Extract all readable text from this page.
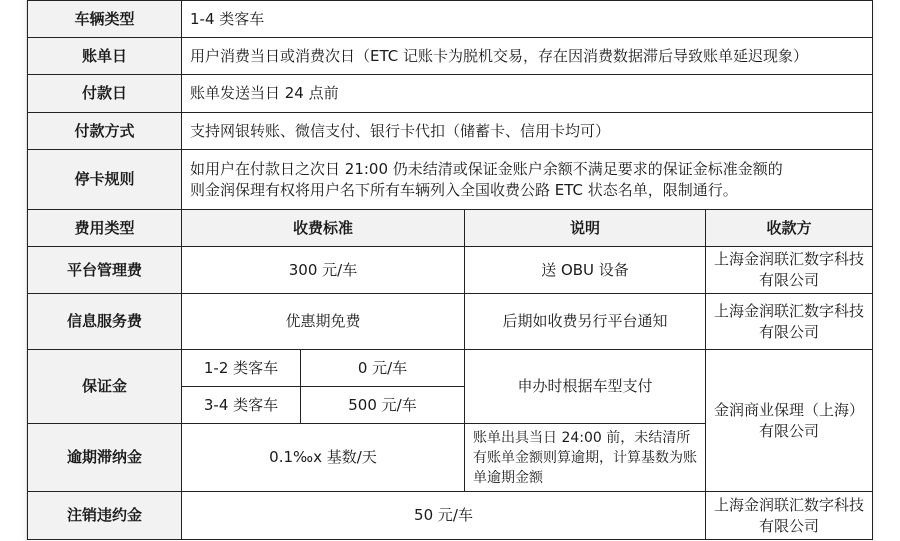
车辆类型	1-4 类客车			
账单日	用户消费当日或消费次日（ETC 记账卡为脱机交易，存在因消费数据滞后导致账单延迟现象）			
付款日	账单发送当日 24 点前			
付款方式	支持网银转账、微信支付、银行卡代扣（储蓄卡、信用卡均可）			
停卡规则	如用户在付款日之次日 21:00 仍未结清或保证金账户余额不满足要求的保证金标准金额的
则金润保理有权将用户名下所有车辆列入全国收费公路 ETC 状态名单，限制通行。			

费用类型	收费标准		说明	收款方
平台管理费	300 元/车		送 OBU 设备	上海金润联汇数字科技有限公司
信息服务费	优惠期免费		后期如收费另行平台通知	上海金润联汇数字科技有限公司
保证金	1-2 类客车	0 元/车	申办时根据车型支付	金润商业保理（上海）有限公司
	3-4 类客车	500 元/车		
逾期滞纳金	0.1‰x 基数/天		账单出具当日 24:00 前，未结清所有账单金额则算逾期，计算基数为账单逾期金额	
注销违约金	50 元/车			上海金润联汇数字科技有限公司
